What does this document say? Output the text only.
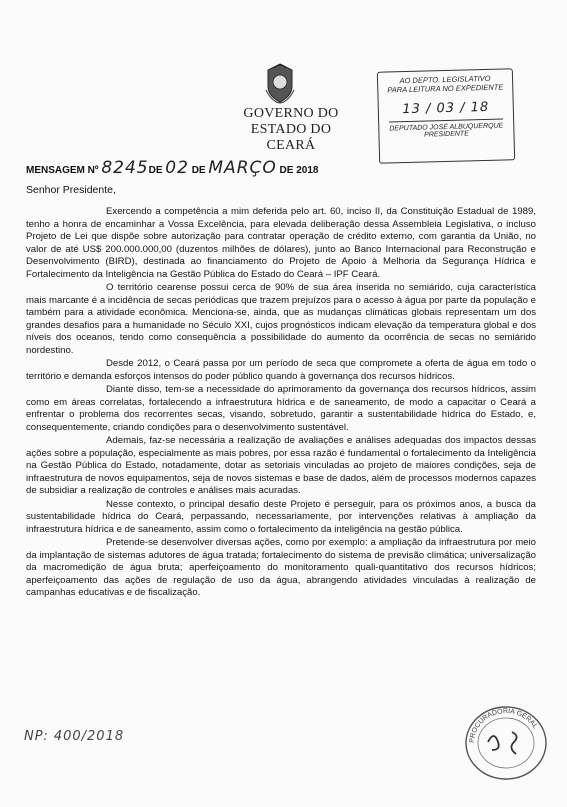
GOVERNO DO
ESTADO DO CEARÁ
AO DEPTO. LEGISLATIVO
PARA LEITURA NO EXPEDIENTE
13 / 03 / 18
DEPUTADO JOSÉ ALBUQUERQUE
PRESIDENTE
MENSAGEM Nº 8245DE 02 DE MARÇO DE 2018
Senhor Presidente,

Exercendo a competência a mim deferida pelo art. 60, inciso II, da Constituição Estadual de 1989, tenho a honra de encaminhar a Vossa Excelência, para elevada deliberação dessa Assembleia Legislativa, o incluso Projeto de Lei que dispõe sobre autorização para contratar operação de crédito externo, com garantia da União, no valor de até US$ 200.000.000,00 (duzentos milhões de dólares), junto ao Banco Internacional para Reconstrução e Desenvolvimento (BIRD), destinada ao financiamento do Projeto de Apoio à Melhoria da Segurança Hídrica e Fortalecimento da Inteligência na Gestão Pública do Estado do Ceará – IPF Ceará.

O território cearense possui cerca de 90% de sua área inserida no semiárido, cuja característica mais marcante é a incidência de secas periódicas que trazem prejuízos para o acesso à água por parte da população e também para a atividade econômica. Menciona-se, ainda, que as mudanças climáticas globais representam um dos grandes desafios para a humanidade no Século XXI, cujos prognósticos indicam elevação da temperatura global e dos níveis dos oceanos, tendo como consequência a possibilidade do aumento da ocorrência de secas no semiárido nordestino.

Desde 2012, o Ceará passa por um período de seca que compromete a oferta de água em todo o território e demanda esforços intensos do poder público quando à governança dos recursos hídricos.

Diante disso, tem-se a necessidade do aprimoramento da governança dos recursos hídricos, assim como em áreas correlatas, fortalecendo a infraestrutura hídrica e de saneamento, de modo a capacitar o Ceará a enfrentar o problema dos recorrentes secas, visando, sobretudo, garantir a sustentabilidade hídrica do Estado, e, consequentemente, criando condições para o desenvolvimento sustentável.

Ademais, faz-se necessária a realização de avaliações e análises adequadas dos impactos dessas ações sobre a população, especialmente as mais pobres, por essa razão é fundamental o fortalecimento da Inteligência na Gestão Pública do Estado, notadamente, dotar as setoriais vinculadas ao projeto de maiores condições, seja de infraestrutura de novos equipamentos, seja de novos sistemas e base de dados, além de processos modernos capazes de subsidiar a realização de controles e análises mais acuradas.

Nesse contexto, o principal desafio deste Projeto é perseguir, para os próximos anos, a busca da sustentabilidade hídrica do Ceará, perpassando, necessariamente, por intervenções relativas à ampliação da infraestrutura hídrica e de saneamento, assim como o fortalecimento da inteligência na gestão pública.

Pretende-se desenvolver diversas ações, como por exemplo: a ampliação da infraestrutura por meio da implantação de sistemas adutores de água tratada; fortalecimento do sistema de previsão climática; universalização da macromedição de água bruta; aperfeiçoamento do monitoramento quali-quantitativo dos recursos hídricos; aperfeiçoamento das ações de regulação de uso da água, abrangendo atividades vinculadas à realização de campanhas educativas e de fiscalização.

NP: 400/2018	PROCURADORIA GERAL
